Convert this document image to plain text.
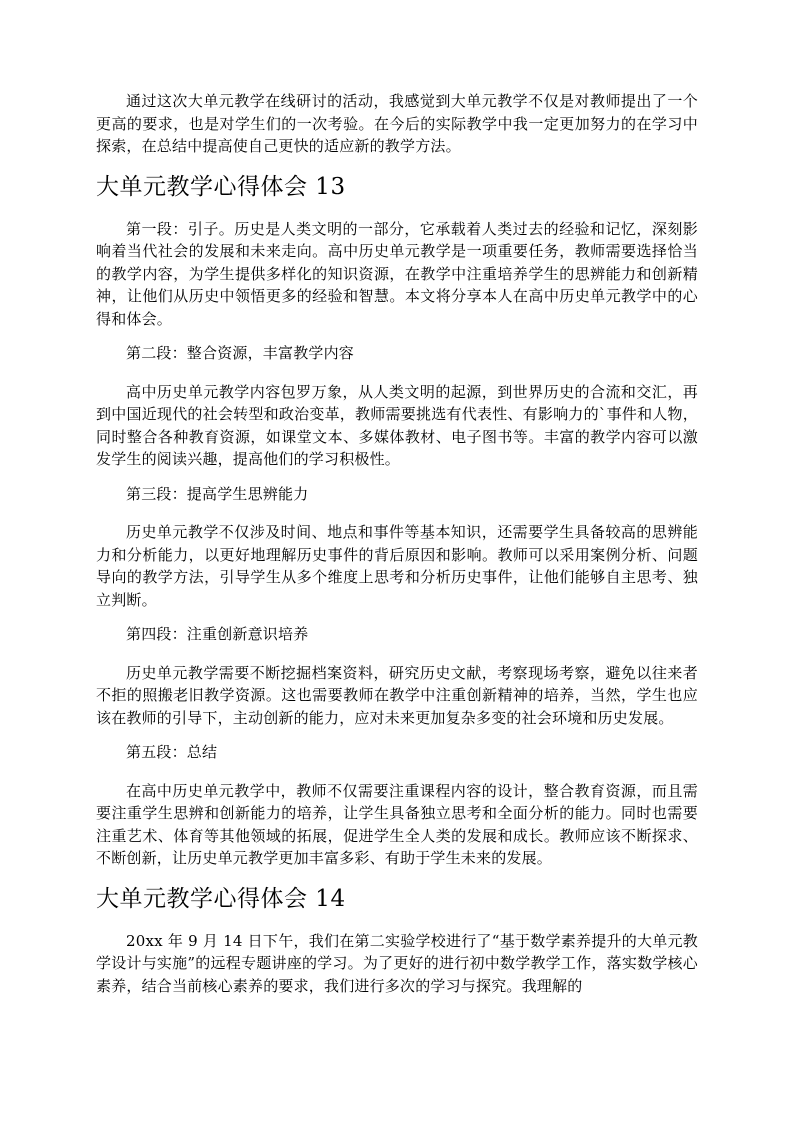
通过这次大单元教学在线研讨的活动，我感觉到大单元教学不仅是对教师提出了一个更高的要求，也是对学生们的一次考验。在今后的实际教学中我一定更加努力的在学习中探索，在总结中提高使自己更快的适应新的教学方法。

大单元教学心得体会 13

第一段：引子。历史是人类文明的一部分，它承载着人类过去的经验和记忆，深刻影响着当代社会的发展和未来走向。高中历史单元教学是一项重要任务，教师需要选择恰当的教学内容，为学生提供多样化的知识资源，在教学中注重培养学生的思辨能力和创新精神，让他们从历史中领悟更多的经验和智慧。本文将分享本人在高中历史单元教学中的心得和体会。

第二段：整合资源，丰富教学内容

高中历史单元教学内容包罗万象，从人类文明的起源，到世界历史的合流和交汇，再到中国近现代的社会转型和政治变革，教师需要挑选有代表性、有影响力的`事件和人物，同时整合各种教育资源，如课堂文本、多媒体教材、电子图书等。丰富的教学内容可以激发学生的阅读兴趣，提高他们的学习积极性。

第三段：提高学生思辨能力

历史单元教学不仅涉及时间、地点和事件等基本知识，还需要学生具备较高的思辨能力和分析能力，以更好地理解历史事件的背后原因和影响。教师可以采用案例分析、问题导向的教学方法，引导学生从多个维度上思考和分析历史事件，让他们能够自主思考、独立判断。

第四段：注重创新意识培养

历史单元教学需要不断挖掘档案资料，研究历史文献，考察现场考察，避免以往来者不拒的照搬老旧教学资源。这也需要教师在教学中注重创新精神的培养，当然，学生也应该在教师的引导下，主动创新的能力，应对未来更加复杂多变的社会环境和历史发展。

第五段：总结

在高中历史单元教学中，教师不仅需要注重课程内容的设计，整合教育资源，而且需要注重学生思辨和创新能力的培养，让学生具备独立思考和全面分析的能力。同时也需要注重艺术、体育等其他领域的拓展，促进学生全人类的发展和成长。教师应该不断探求、不断创新，让历史单元教学更加丰富多彩、有助于学生未来的发展。

大单元教学心得体会 14

20xx 年 9 月 14 日下午，我们在第二实验学校进行了“基于数学素养提升的大单元教学设计与实施”的远程专题讲座的学习。为了更好的进行初中数学教学工作，落实数学核心素养，结合当前核心素养的要求，我们进行多次的学习与探究。我理解的
